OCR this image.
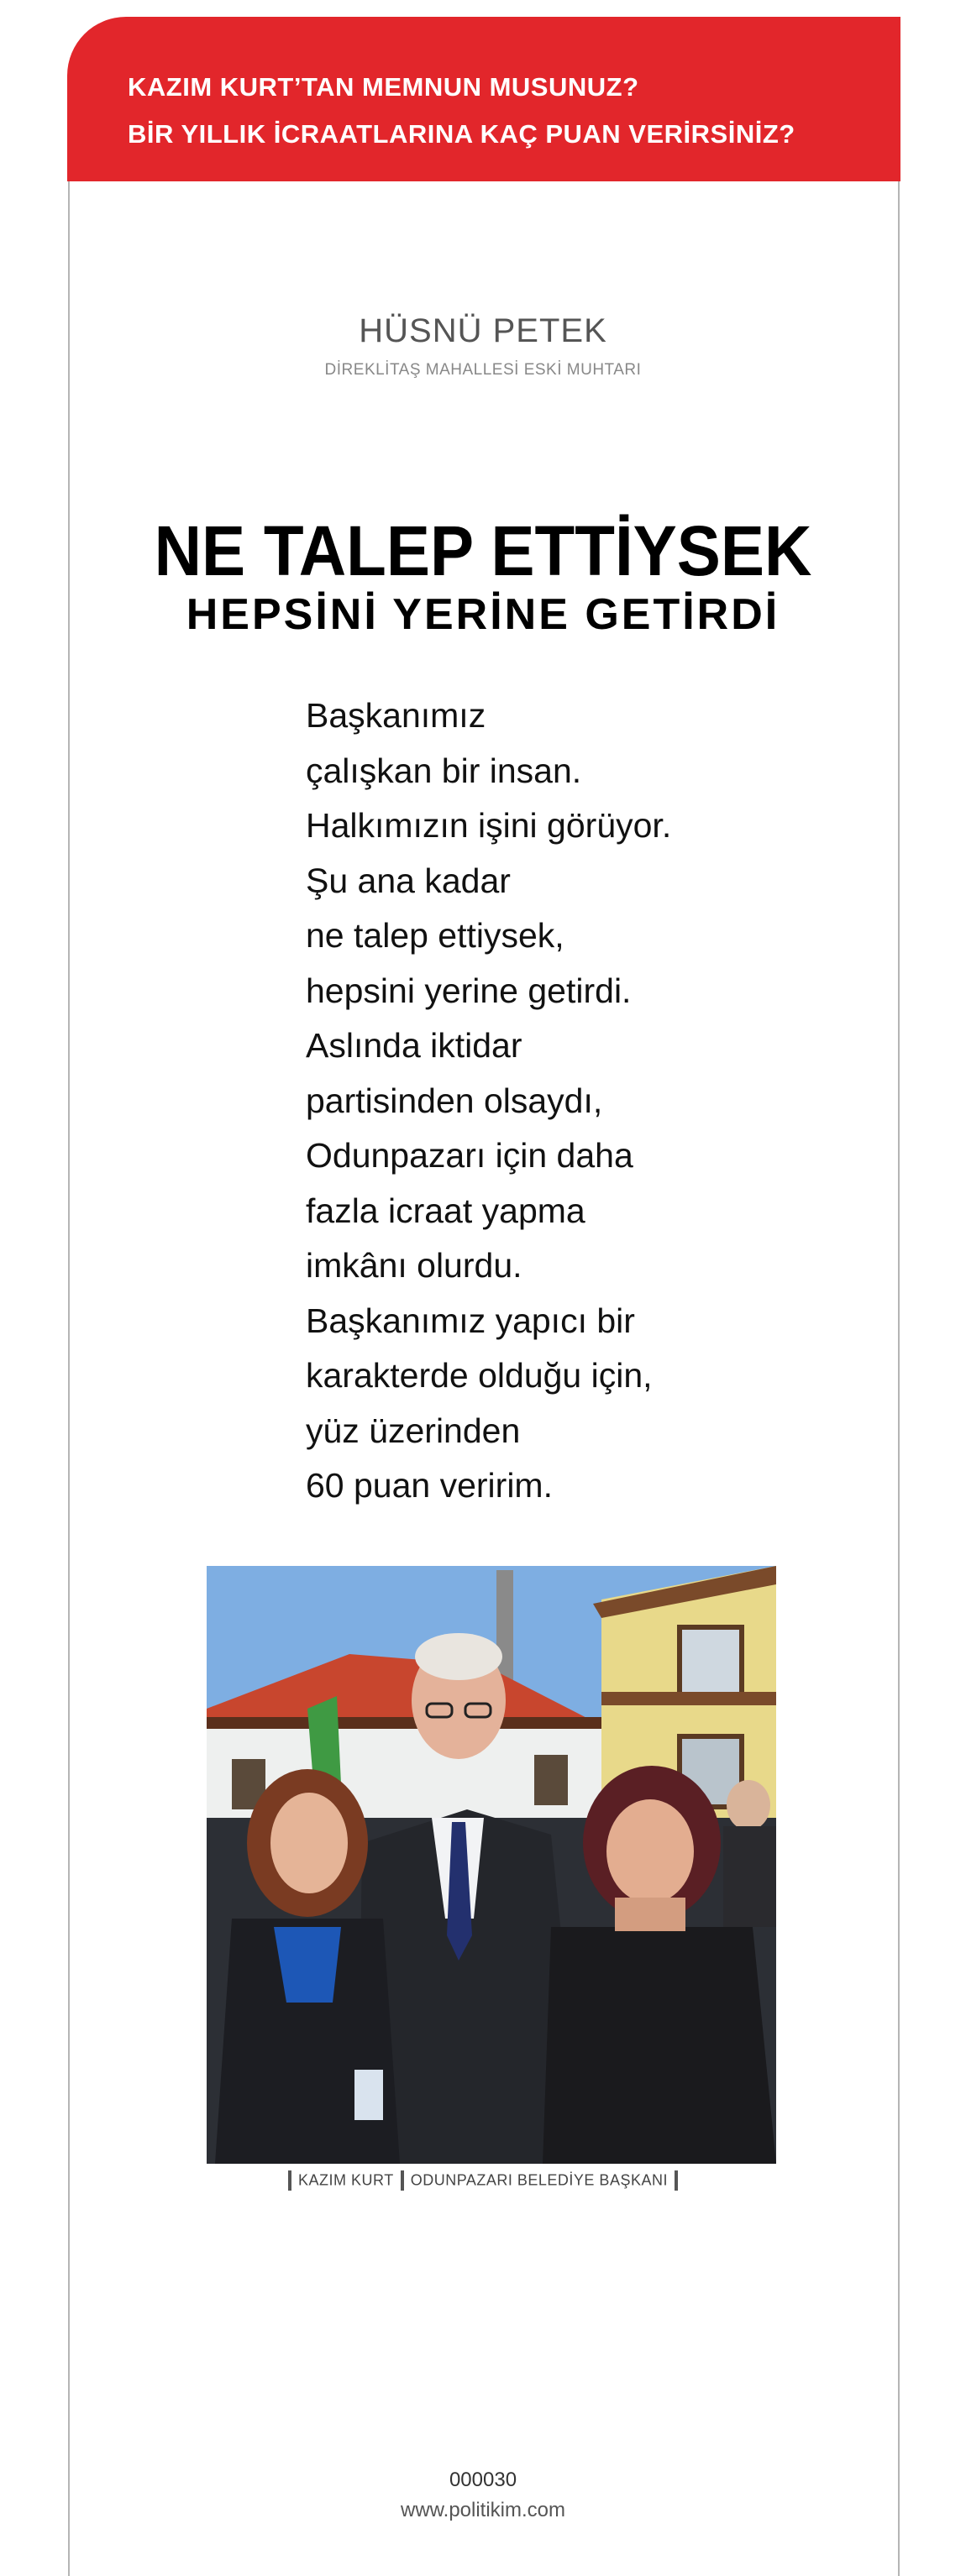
KAZIM KURT’TAN MEMNUN MUSUNUZ?
BİR YILLIK İCRAATLARINA KAÇ PUAN VERİRSİNİZ?
HÜSNÜ PETEK
DİREKLİTAŞ MAHALLESİ ESKİ MUHTARI
NE TALEP ETTİYSEK
HEPSİNİ YERİNE GETİRDİ
Başkanımız
çalışkan bir insan.
Halkımızın işini görüyor.
Şu ana kadar
ne talep ettiysek,
hepsini yerine getirdi.
Aslında iktidar
partisinden olsaydı,
Odunpazarı için daha
fazla icraat yapma
imkânı olurdu.
Başkanımız yapıcı bir
karakterde olduğu için,
yüz üzerinden
60 puan veririm.
KAZIM KURT ODUNPAZARI BELEDİYE BAŞKANI
000030
www.politikim.com
